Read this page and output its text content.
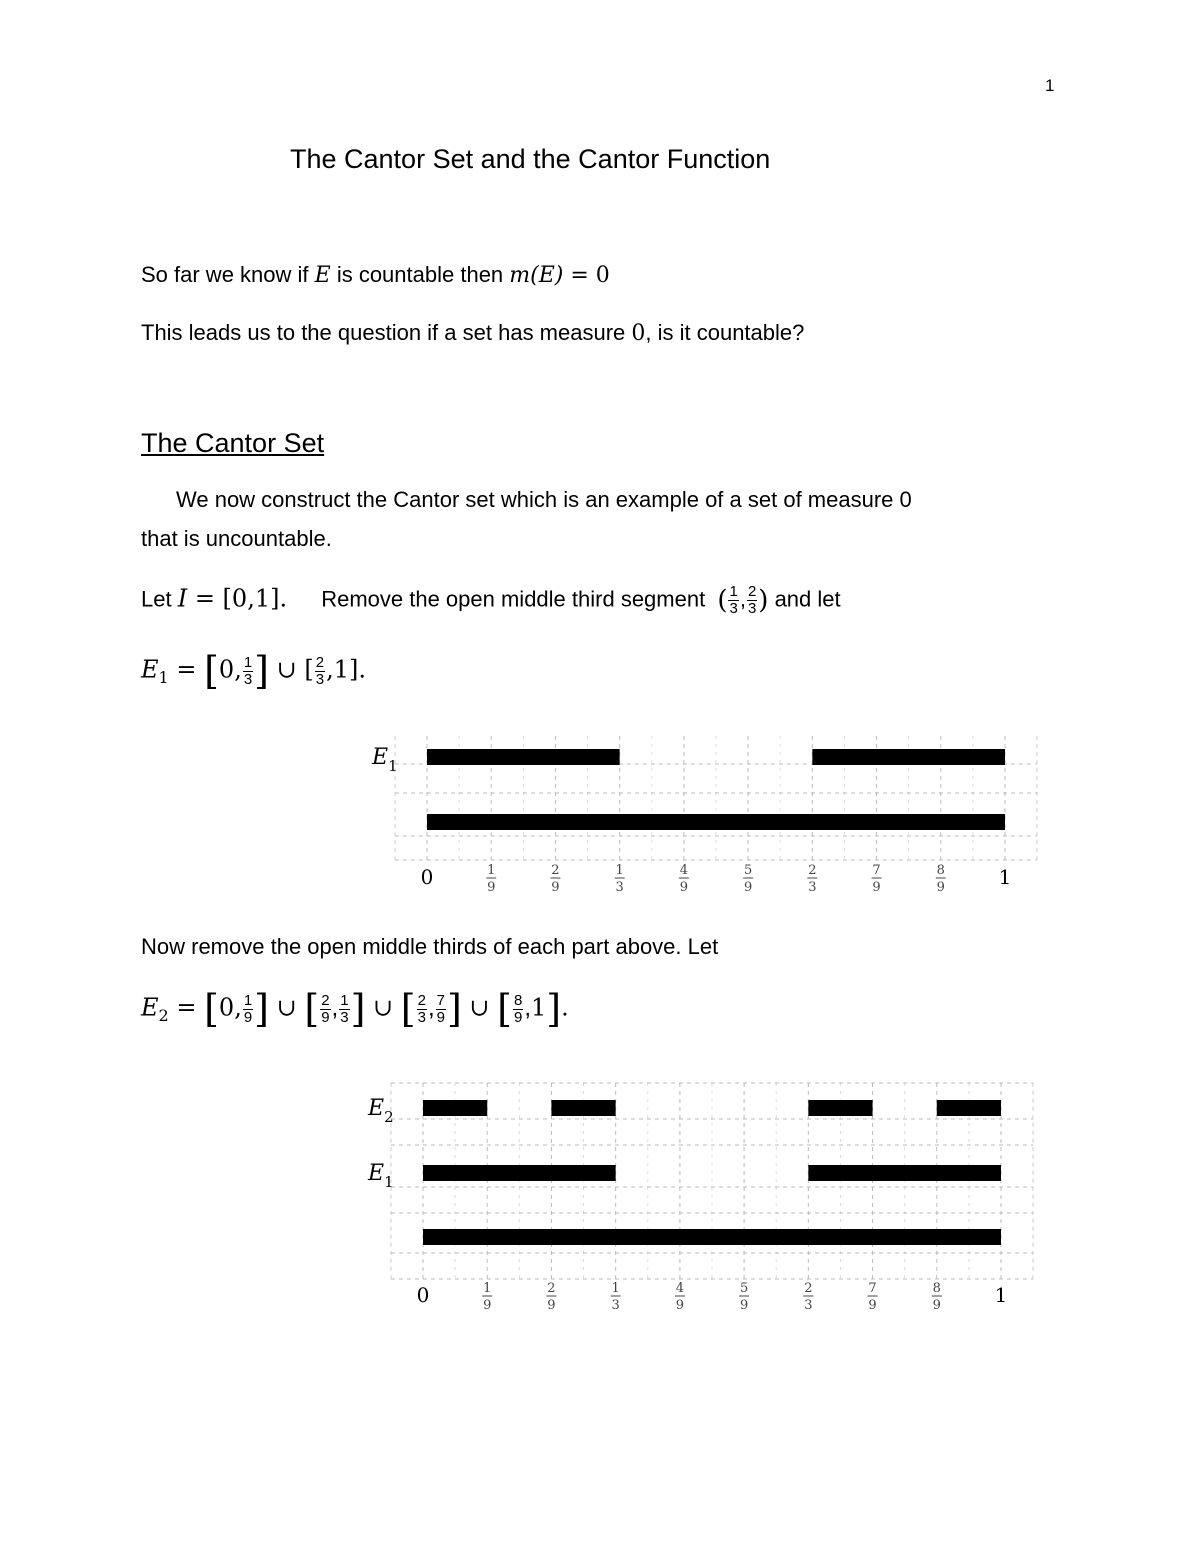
1
The Cantor Set and the Cantor Function
So far we know if E is countable then m(E) = 0
This leads us to the question if a set has measure 0, is it countable?
The Cantor Set
We now construct the Cantor set which is an example of a set of measure 0
that is uncountable.
Let I = [0,1]. Remove the open middle third segment ( $\frac{1}{3}$ , $\frac{2}{3}$ ) and let
$E_1 = [0$, $\frac{1}{3}$ ] ∪ [ $\frac{2}{3} ,1$].
$E_1$
0	1
9
2
9
1
3
4
9
5
9
2
3
7
9
8
9	1
Now remove the open middle thirds of each part above. Let
$E_2 = [0$, $\frac{1}{9}$ ] ∪ [ $\frac{2}{9}$ , $\frac{1}{3}$ ] ∪ [ $\frac{2}{3}$ , $\frac{7}{9}$ ] ∪ [ $\frac{8}{9} ,1$].
$E_2$
$E_1$
0	1
9
2
9
1
3
4
9
5
9
2
3
7
9
8
9	1
